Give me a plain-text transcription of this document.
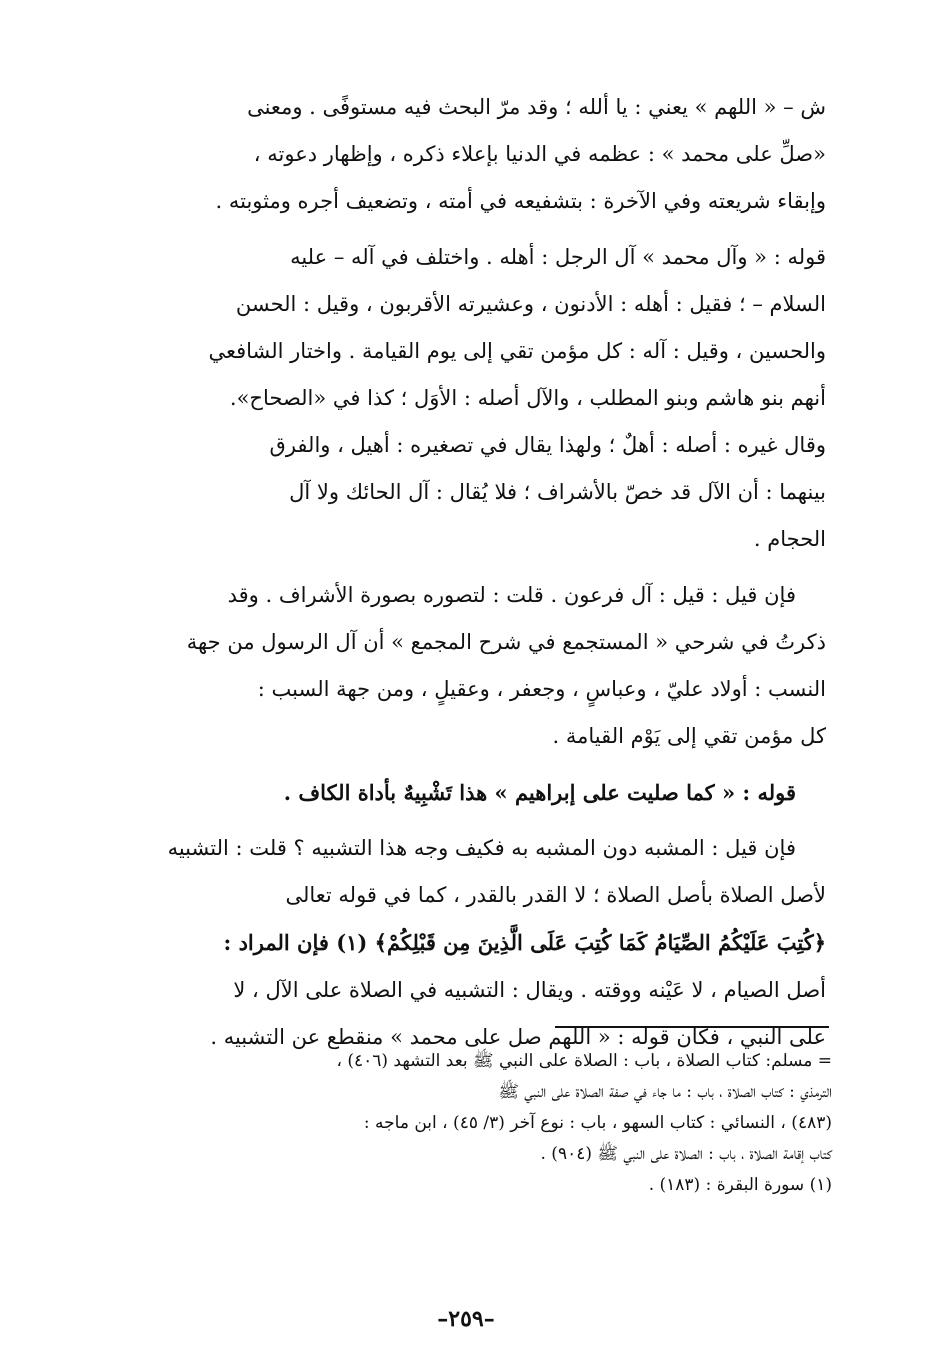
ش – « اللهم » يعني : يا ألله ؛ وقد مرّ البحث فيه مستوفًى . ومعنى
«صلِّ على محمد » : عظمه في الدنيا بإعلاء ذكره ، وإظهار دعوته ،
وإبقاء شريعته وفي الآخرة : بتشفيعه في أمته ، وتضعيف أجره ومثوبته .

قوله : « وآل محمد » آل الرجل : أهله . واختلف في آله – عليه
السلام – ؛ فقيل : أهله : الأدنون ، وعشيرته الأقربون ، وقيل : الحسن
والحسين ، وقيل : آله : كل مؤمن تقي إلى يوم القيامة . واختار الشافعي
أنهم بنو هاشم وبنو المطلب ، والآل أصله : الأوَل ؛ كذا في «الصحاح».
وقال غيره : أصله : أهلٌ ؛ ولهذا يقال في تصغيره : أهيل ، والفرق
بينهما : أن الآل قد خصّ بالأشراف ؛ فلا يُقال : آل الحائك ولا آل
الحجام .

فإن قيل : قيل : آل فرعون . قلت : لتصوره بصورة الأشراف . وقد
ذكرتُ في شرحي « المستجمع في شرح المجمع » أن آل الرسول من جهة
النسب : أولاد عليّ ، وعباسٍ ، وجعفر ، وعقيلٍ ، ومن جهة السبب :
كل مؤمن تقي إلى يَوْم القيامة .

قوله : « كما صليت على إبراهيم » هذا تَشْبِيهٌ بأداة الكاف .

فإن قيل : المشبه دون المشبه به فكيف وجه هذا التشبيه ؟ قلت : التشبيه
لأصل الصلاة بأصل الصلاة ؛ لا القدر بالقدر ، كما في قوله تعالى
﴿كُتِبَ عَلَيْكُمُ الصِّيَامُ كَمَا كُتِبَ عَلَى الَّذِينَ مِن قَبْلِكُمْ﴾ (١) فإن المراد :
أصل الصيام ، لا عَيْنه ووقته . ويقال : التشبيه في الصلاة على الآل ، لا
على النبي ، فكان قوله : « اللهم صل على محمد » منقطع عن التشبيه .

= مسلم: كتاب الصلاة ، باب : الصلاة على النبي ﷺ بعد التشهد (٤٠٦) ،

الترمذي : كتاب الصلاة ، باب : ما جاء في صفة الصلاة على النبي ﷺ

(٤٨٣) ، النسائي : كتاب السهو ، باب : نوع آخر (٣/ ٤٥) ، ابن ماجه :

كتاب إقامة الصلاة ، باب : الصلاة على النبي ﷺ (٩٠٤) .

(١) سورة البقرة : (١٨٣) .

–٢٥٩–
